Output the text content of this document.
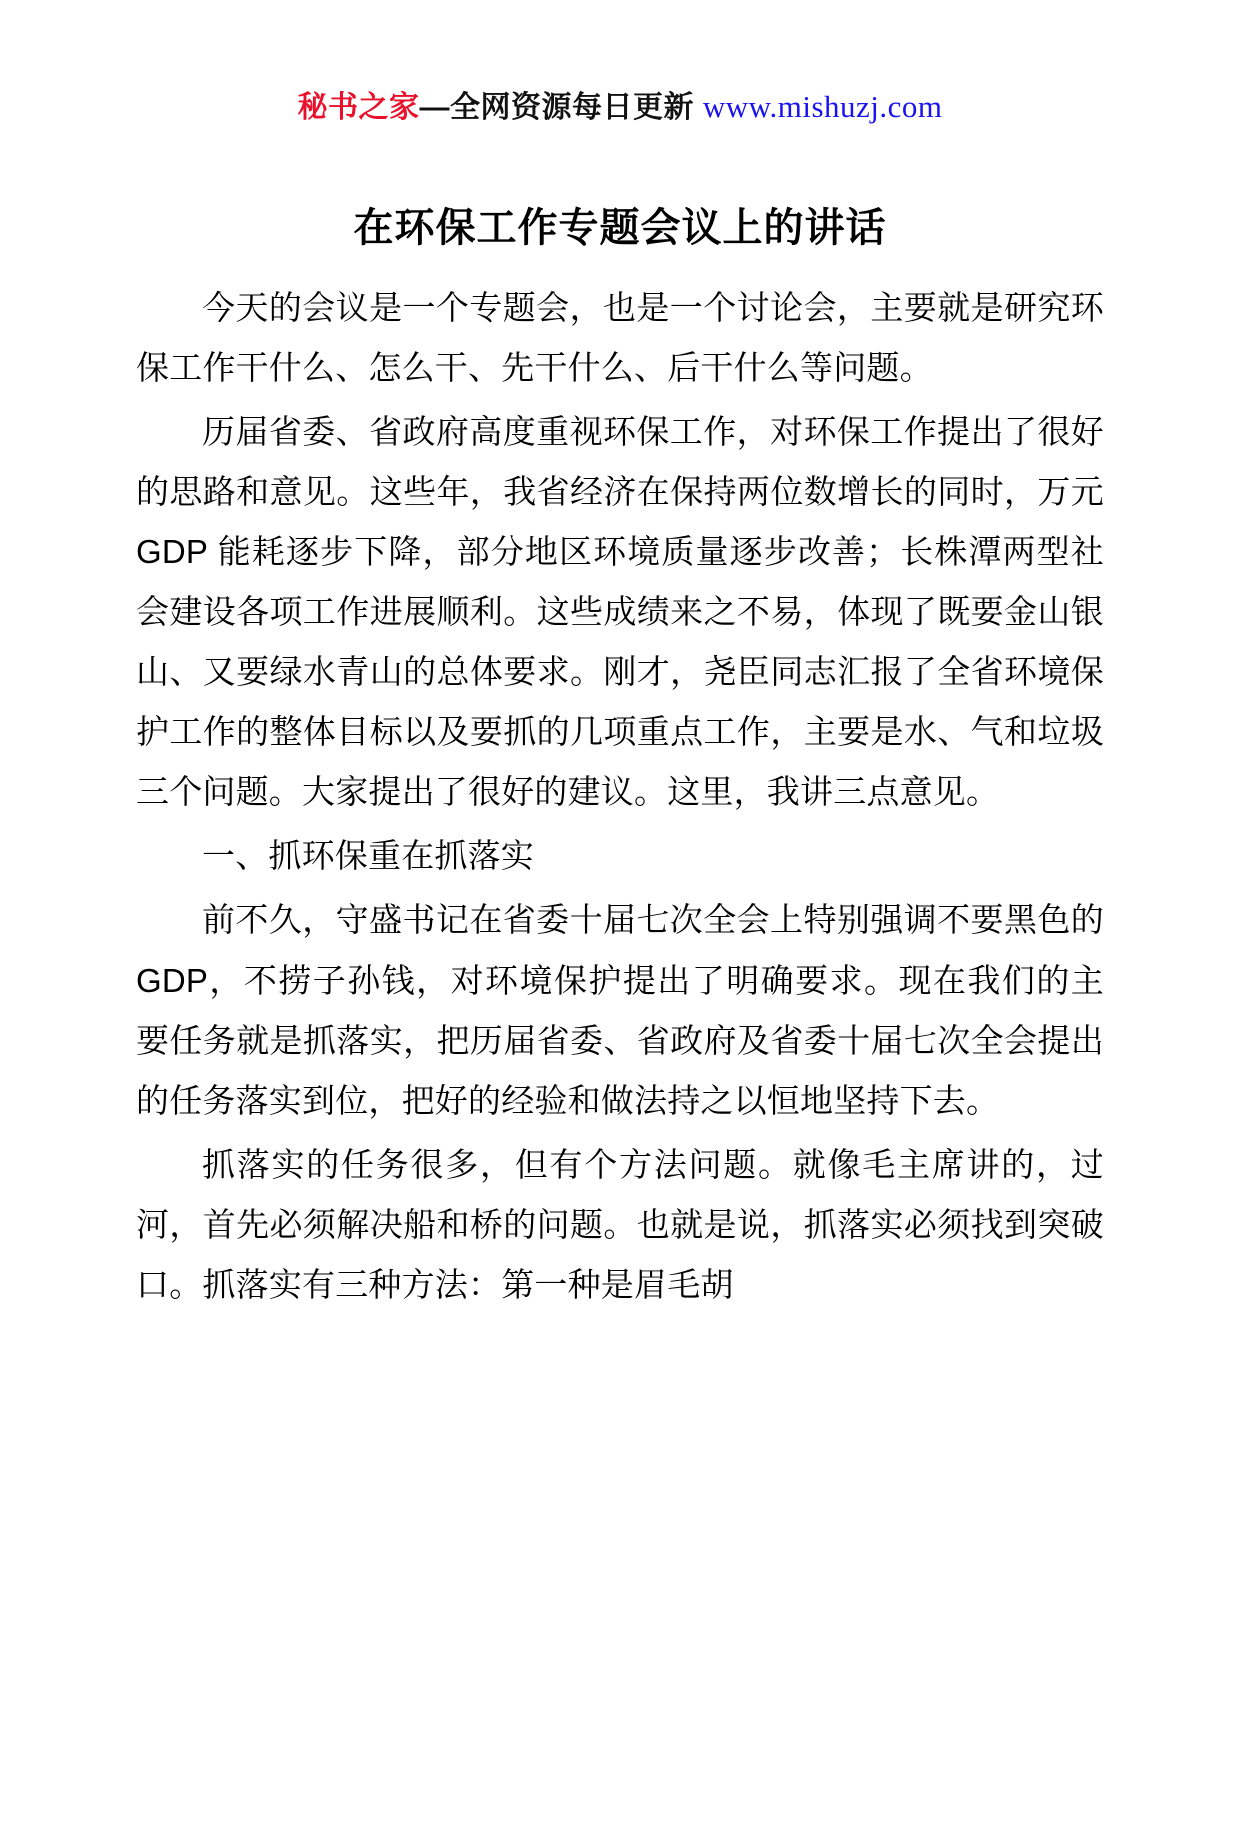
秘书之家—全网资源每日更新 www.mishuzj.com
在环保工作专题会议上的讲话

今天的会议是一个专题会，也是一个讨论会，主要就是研究环保工作干什么、怎么干、先干什么、后干什么等问题。

历届省委、省政府高度重视环保工作，对环保工作提出了很好的思路和意见。这些年，我省经济在保持两位数增长的同时，万元 GDP 能耗逐步下降，部分地区环境质量逐步改善；长株潭两型社会建设各项工作进展顺利。这些成绩来之不易，体现了既要金山银山、又要绿水青山的总体要求。刚才，尧臣同志汇报了全省环境保护工作的整体目标以及要抓的几项重点工作，主要是水、气和垃圾三个问题。大家提出了很好的建议。这里，我讲三点意见。

一、抓环保重在抓落实

前不久，守盛书记在省委十届七次全会上特别强调不要黑色的 GDP，不捞子孙钱，对环境保护提出了明确要求。现在我们的主要任务就是抓落实，把历届省委、省政府及省委十届七次全会提出的任务落实到位，把好的经验和做法持之以恒地坚持下去。

抓落实的任务很多，但有个方法问题。就像毛主席讲的，过河，首先必须解决船和桥的问题。也就是说，抓落实必须找到突破口。抓落实有三种方法：第一种是眉毛胡
